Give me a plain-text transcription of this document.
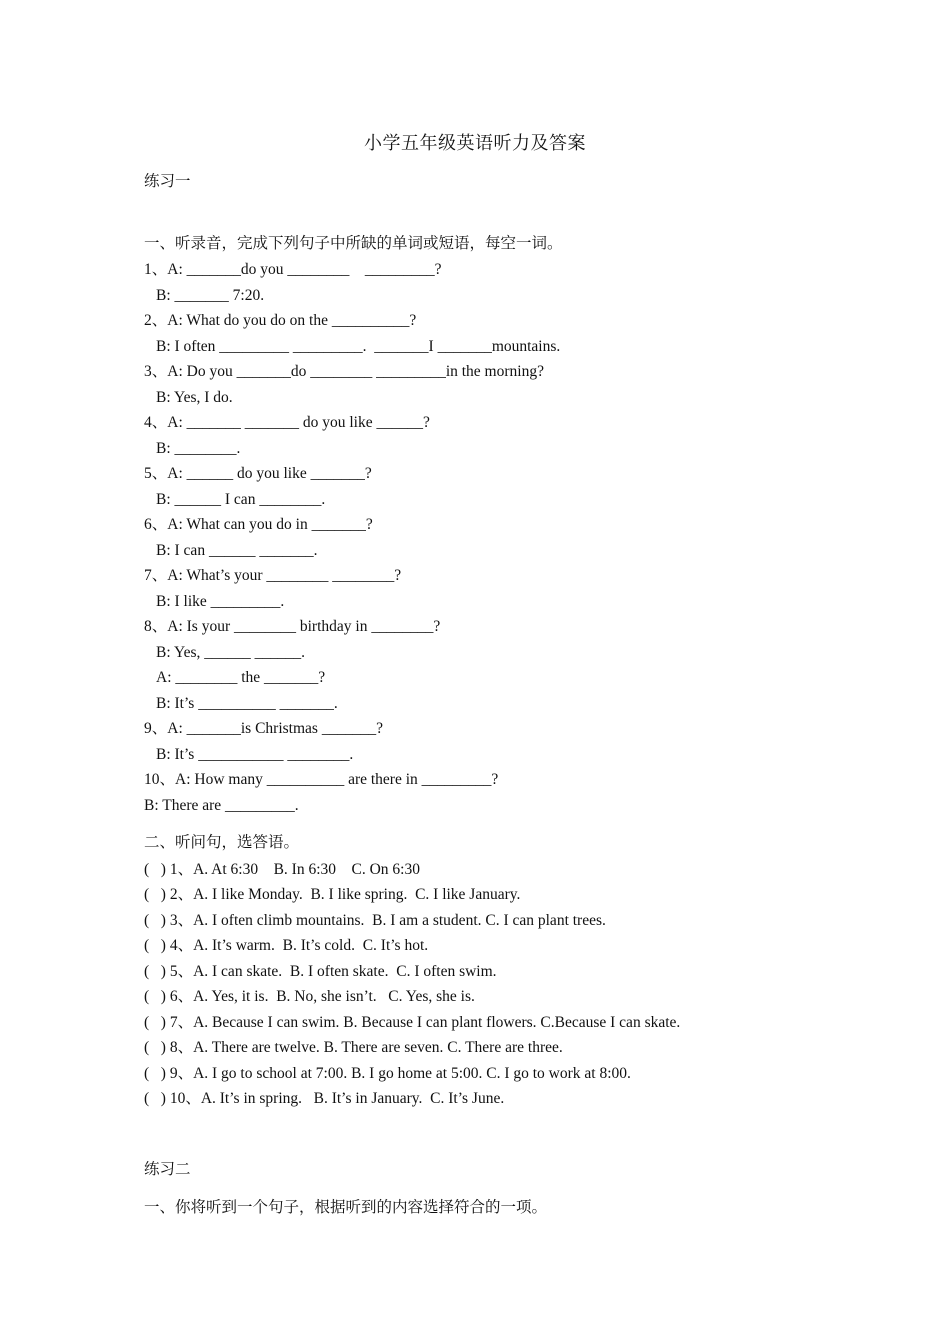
小学五年级英语听力及答案
练习一
一、听录音，完成下列句子中所缺的单词或短语，每空一词。
1、A: _______do you ________    _________?
B: _______ 7:20.
2、A: What do you do on the __________?
B: I often _________ _________.  _______I _______mountains.
3、A: Do you _______do ________ _________in the morning?
B: Yes, I do.
4、A: _______ _______ do you like ______?
B: ________.
5、A: ______ do you like _______?
B: ______ I can ________.
6、A: What can you do in _______?
B: I can ______ _______.
7、A: What’s your ________ ________?
B: I like _________.
8、A: Is your ________ birthday in ________?
B: Yes, ______ ______.
A: ________ the _______?
B: It’s __________ _______.
9、A: _______is Christmas _______?
B: It’s ___________ ________.
10、A: How many __________ are there in _________?
B: There are _________.
二、听问句，选答语。
(   ) 1、A. At 6:30    B. In 6:30    C. On 6:30
(   ) 2、A. I like Monday.  B. I like spring.  C. I like January.
(   ) 3、A. I often climb mountains.  B. I am a student. C. I can plant trees.
(   ) 4、A. It’s warm.  B. It’s cold.  C. It’s hot.
(   ) 5、A. I can skate.  B. I often skate.  C. I often swim.
(   ) 6、A. Yes, it is.  B. No, she isn’t.   C. Yes, she is.
(   ) 7、A. Because I can swim. B. Because I can plant flowers. C.Because I can skate.
(   ) 8、A. There are twelve. B. There are seven. C. There are three.
(   ) 9、A. I go to school at 7:00. B. I go home at 5:00. C. I go to work at 8:00.
(   ) 10、A. It’s in spring.   B. It’s in January.  C. It’s June.
练习二
一、你将听到一个句子，根据听到的内容选择符合的一项。
